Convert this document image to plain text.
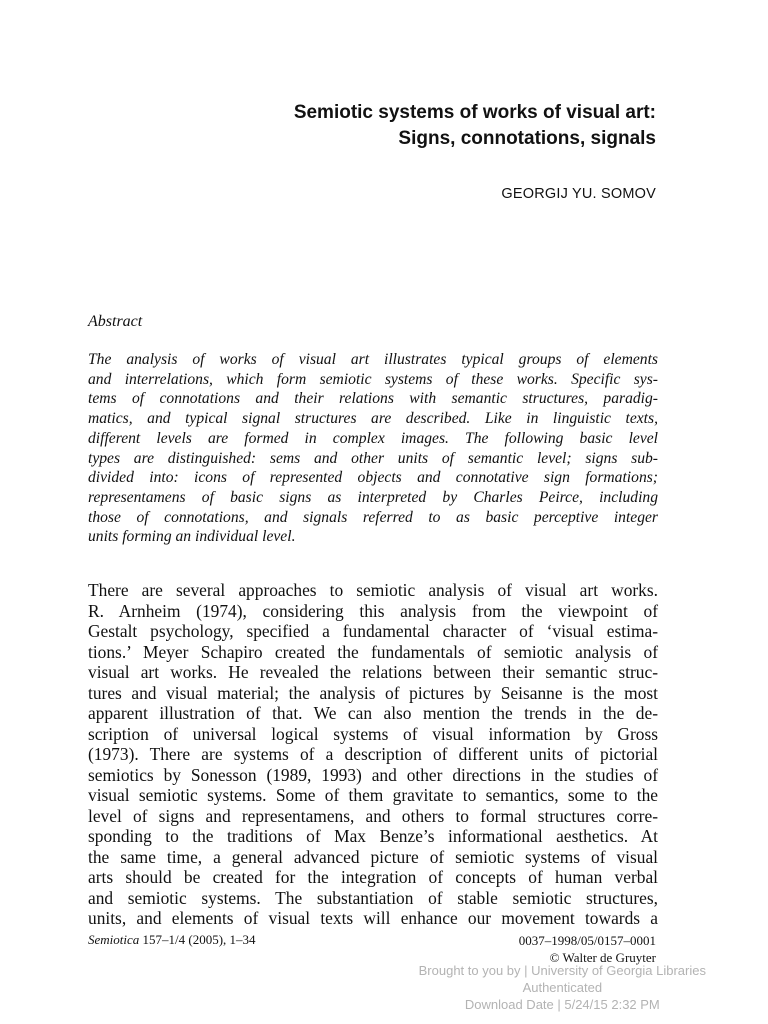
Semiotic systems of works of visual art:
Signs, connotations, signals
GEORGIJ YU. SOMOV
Abstract
The analysis of works of visual art illustrates typical groups of elements
and interrelations, which form semiotic systems of these works. Specific sys-
tems of connotations and their relations with semantic structures, paradig-
matics, and typical signal structures are described. Like in linguistic texts,
different levels are formed in complex images. The following basic level
types are distinguished: sems and other units of semantic level; signs sub-
divided into: icons of represented objects and connotative sign formations;
representamens of basic signs as interpreted by Charles Peirce, including
those of connotations, and signals referred to as basic perceptive integer
units forming an individual level.
There are several approaches to semiotic analysis of visual art works.
R. Arnheim (1974), considering this analysis from the viewpoint of
Gestalt psychology, specified a fundamental character of ‘visual estima-
tions.’ Meyer Schapiro created the fundamentals of semiotic analysis of
visual art works. He revealed the relations between their semantic struc-
tures and visual material; the analysis of pictures by Seisanne is the most
apparent illustration of that. We can also mention the trends in the de-
scription of universal logical systems of visual information by Gross
(1973). There are systems of a description of different units of pictorial
semiotics by Sonesson (1989, 1993) and other directions in the studies of
visual semiotic systems. Some of them gravitate to semantics, some to the
level of signs and representamens, and others to formal structures corre-
sponding to the traditions of Max Benze’s informational aesthetics. At
the same time, a general advanced picture of semiotic systems of visual
arts should be created for the integration of concepts of human verbal
and semiotic systems. The substantiation of stable semiotic structures,
units, and elements of visual texts will enhance our movement towards a
Semiotica 157–1/4 (2005), 1–34	0037–1998/05/0157–0001
© Walter de Gruyter
Brought to you by | University of Georgia Libraries
Authenticated
Download Date | 5/24/15 2:32 PM
